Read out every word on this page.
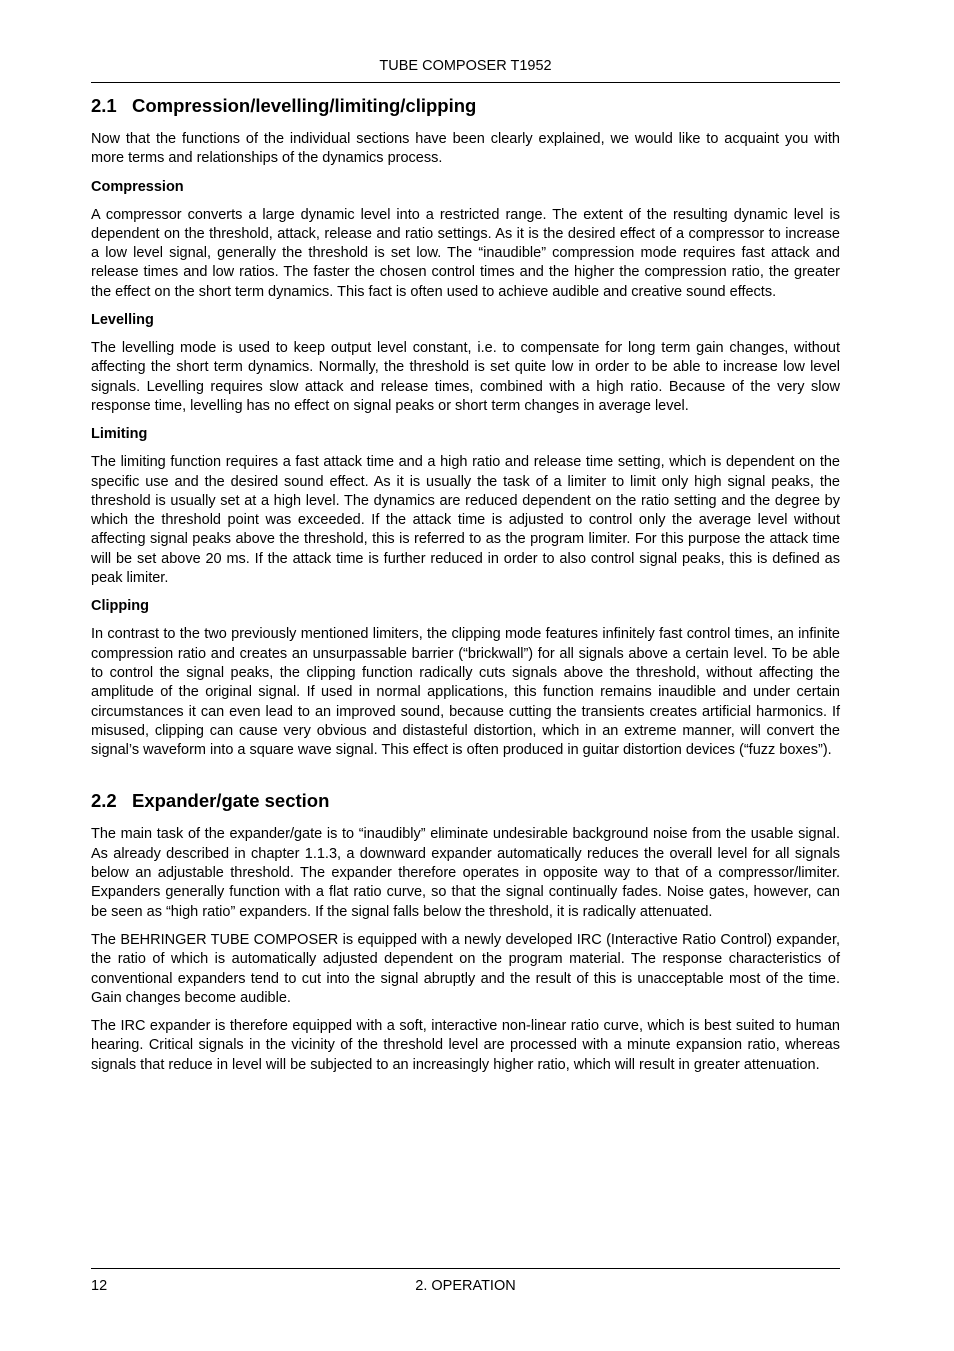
TUBE COMPOSER T1952
2.1 Compression/levelling/limiting/clipping

Now that the functions of the individual sections have been clearly explained, we would like to acquaint you with more terms and relationships of the dynamics process.

Compression

A compressor converts a large dynamic level into a restricted range. The extent of the resulting dynamic level is dependent on the threshold, attack, release and ratio settings. As it is the desired effect of a compressor to increase a low level signal, generally the threshold is set low. The “inaudible” compression mode requires fast attack and release times and low ratios. The faster the chosen control times and the higher the compression ratio, the greater the effect on the short term dynamics. This fact is often used to achieve audible and creative sound effects.

Levelling

The levelling mode is used to keep output level constant, i.e. to compensate for long term gain changes, without affecting the short term dynamics. Normally, the threshold is set quite low in order to be able to increase low level signals. Levelling requires slow attack and release times, combined with a high ratio. Because of the very slow response time, levelling has no effect on signal peaks or short term changes in average level.

Limiting

The limiting function requires a fast attack time and a high ratio and release time setting, which is dependent on the specific use and the desired sound effect. As it is usually the task of a limiter to limit only high signal peaks, the threshold is usually set at a high level. The dynamics are reduced dependent on the ratio setting and the degree by which the threshold point was exceeded. If the attack time is adjusted to control only the average level without affecting signal peaks above the threshold, this is referred to as the program limiter. For this purpose the attack time will be set above 20 ms. If the attack time is further reduced in order to also control signal peaks, this is defined as peak limiter.

Clipping

In contrast to the two previously mentioned limiters, the clipping mode features infinitely fast control times, an infinite compression ratio and creates an unsurpassable barrier (“brickwall”) for all signals above a certain level. To be able to control the signal peaks, the clipping function radically cuts signals above the threshold, without affecting the amplitude of the original signal. If used in normal applications, this function remains inaudible and under certain circumstances it can even lead to an improved sound, because cutting the transients creates artificial harmonics. If misused, clipping can cause very obvious and distasteful distortion, which in an extreme manner, will convert the signal’s waveform into a square wave signal. This effect is often produced in guitar distortion devices (“fuzz boxes”).

2.2 Expander/gate section

The main task of the expander/gate is to “inaudibly” eliminate undesirable background noise from the usable signal. As already described in chapter 1.1.3, a downward expander automatically reduces the overall level for all signals below an adjustable threshold. The expander therefore operates in opposite way to that of a compressor/limiter. Expanders generally function with a flat ratio curve, so that the signal continually fades. Noise gates, however, can be seen as “high ratio” expanders. If the signal falls below the threshold, it is radically attenuated.

The BEHRINGER TUBE COMPOSER is equipped with a newly developed IRC (Interactive Ratio Control) expander, the ratio of which is automatically adjusted dependent on the program material. The response characteristics of conventional expanders tend to cut into the signal abruptly and the result of this is unacceptable most of the time. Gain changes become audible.

The IRC expander is therefore equipped with a soft, interactive non-linear ratio curve, which is best suited to human hearing. Critical signals in the vicinity of the threshold level are processed with a minute expansion ratio, whereas signals that reduce in level will be subjected to an increasingly higher ratio, which will result in greater attenuation.

12	2. OPERATION
